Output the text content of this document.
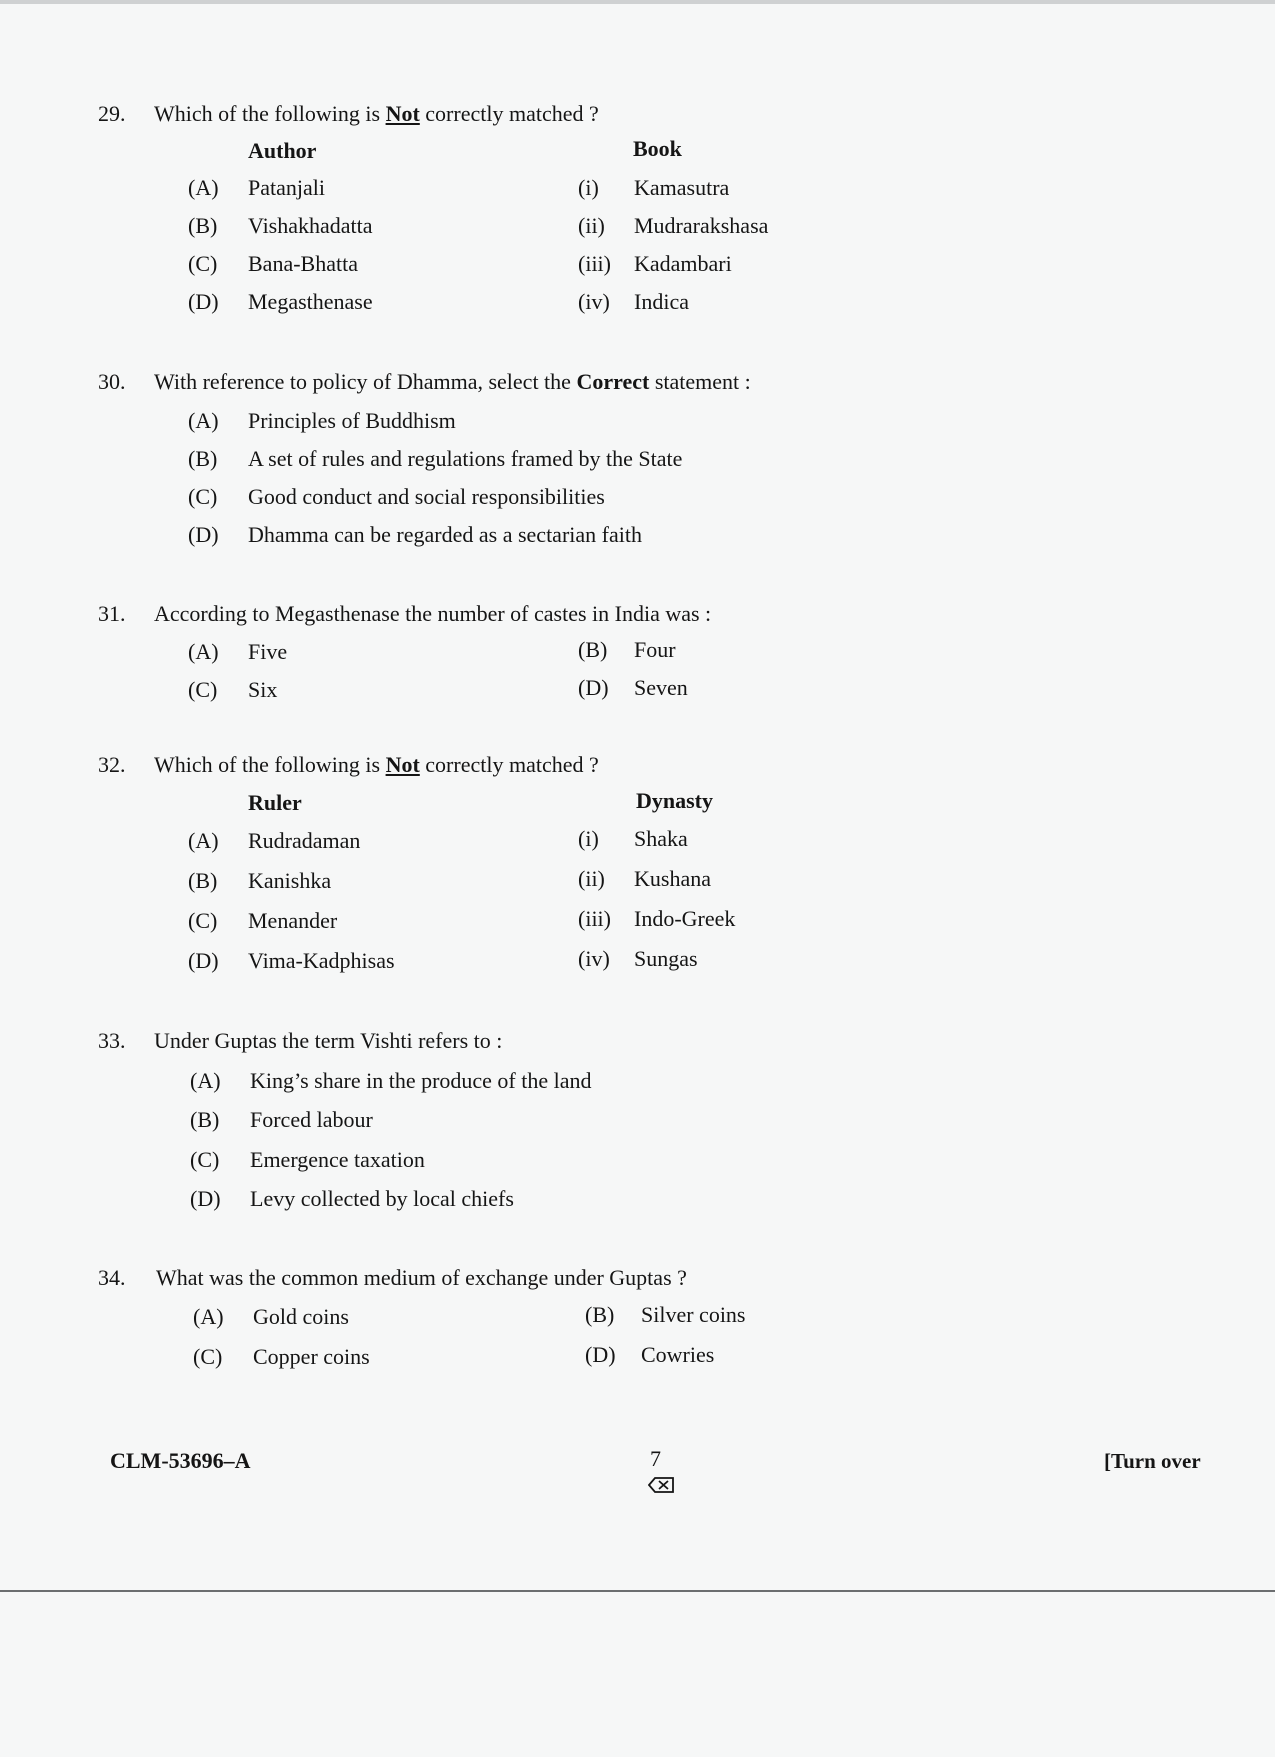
29.	Which of the following is Not correctly matched ?
Author	Book
(A) Patanjali	(i) Kamasutra
(B) Vishakhadatta	(ii) Mudrarakshasa
(C) Bana-Bhatta	(iii) Kadambari
(D) Megasthenase	(iv) Indica
30.	With reference to policy of Dhamma, select the Correct statement :
(A) Principles of Buddhism
(B) A set of rules and regulations framed by the State
(C) Good conduct and social responsibilities
(D) Dhamma can be regarded as a sectarian faith
31.	According to Megasthenase the number of castes in India was :
(A) Five	(B) Four
(C) Six	(D) Seven
32.	Which of the following is Not correctly matched ?
Ruler	Dynasty
(A) Rudradaman	(i) Shaka
(B) Kanishka	(ii) Kushana
(C) Menander	(iii) Indo-Greek
(D) Vima-Kadphisas	(iv) Sungas
33.	Under Guptas the term Vishti refers to :
(A) King’s share in the produce of the land
(B) Forced labour
(C) Emergence taxation
(D) Levy collected by local chiefs
34.	What was the common medium of exchange under Guptas ?
(A) Gold coins	(B) Silver coins
(C) Copper coins	(D) Cowries
CLM-53696–A	7	[Turn over
